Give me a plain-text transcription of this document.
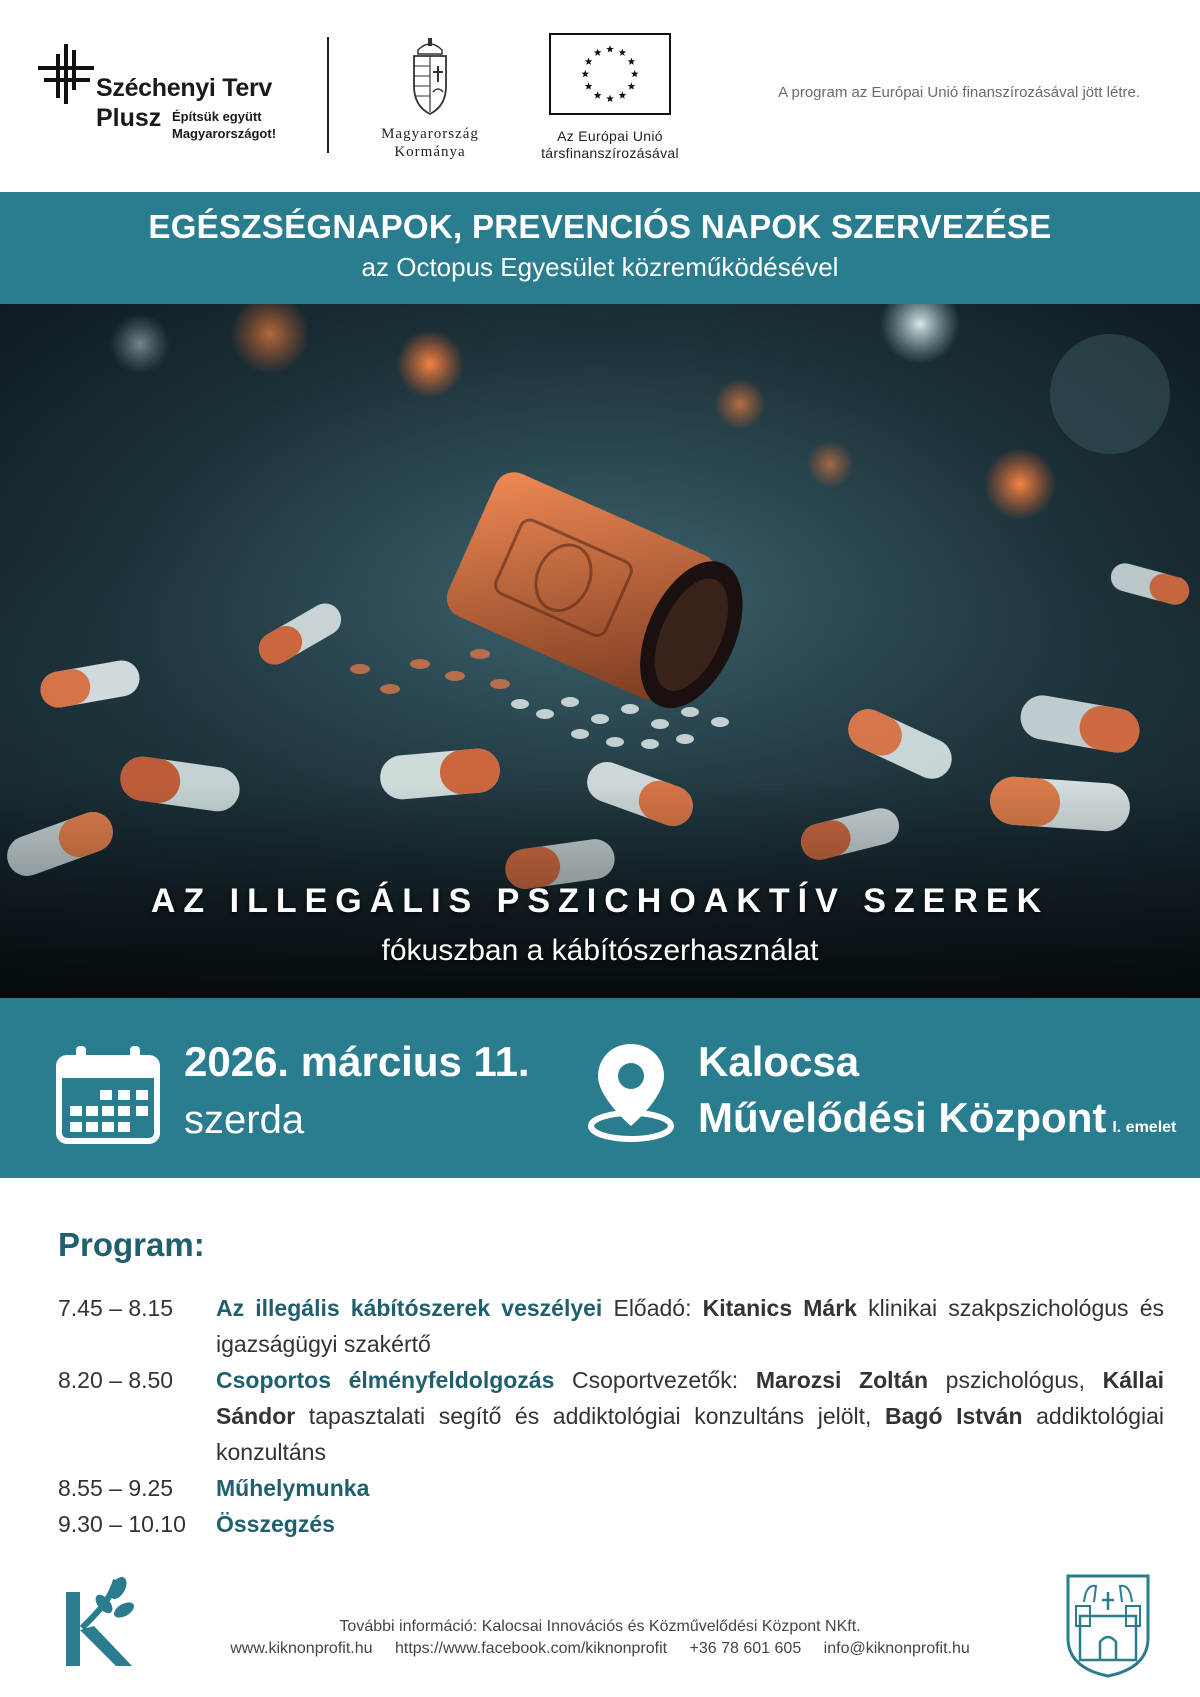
Széchenyi Terv
Plusz Építsük együtt Magyarországot!	Magyarország
Kormánya
Az Európai Unió
társfinanszírozásával
A program az Európai Unió finanszírozásával jött létre.
EGÉSZSÉGNAPOK, PREVENCIÓS NAPOK SZERVEZÉSE
az Octopus Egyesület közreműködésével
AZ ILLEGÁLIS PSZICHOAKTÍV SZEREK
fókuszban a kábítószerhasználat
2026. március 11.
szerda
Kalocsa
Művelődési Központ I. emelet
Program:
7.45 – 8.15	Az illegális kábítószerek veszélyei Előadó: Kitanics Márk klinikai szakpszichológus és igazságügyi szakértő
8.20 – 8.50	Csoportos élményfeldolgozás Csoportvezetők: Marozsi Zoltán pszichológus, Kállai Sándor tapasztalati segítő és addiktológiai konzultáns jelölt, Bagó István addiktológiai konzultáns
8.55 – 9.25	Műhelymunka
9.30 – 10.10	Összegzés
További információ: Kalocsai Innovációs és Közművelődési Központ NKft.
www.kiknonprofit.hu https://www.facebook.com/kiknonprofit +36 78 601 605 info@kiknonprofit.hu
